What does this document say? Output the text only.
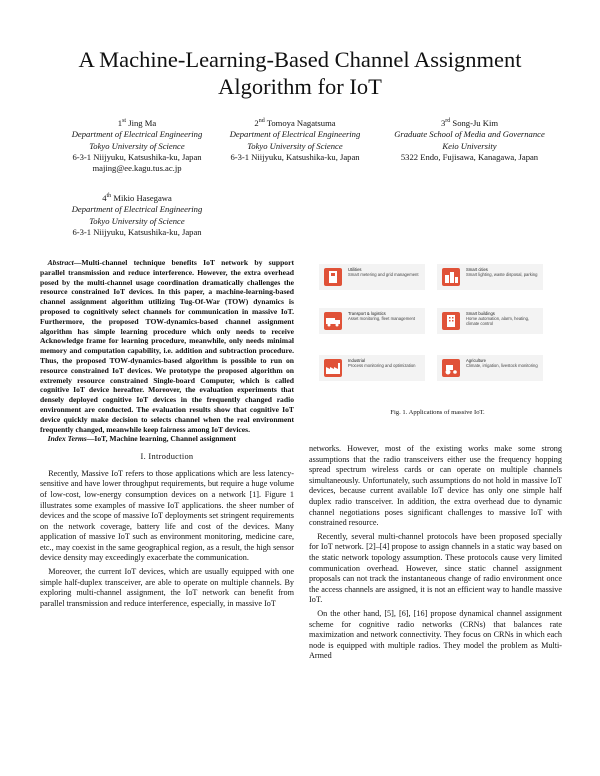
A Machine-Learning-Based Channel Assignment
Algorithm for IoT
1st Jing Ma
Department of Electrical Engineering
Tokyo University of Science
6-3-1 Niijyuku, Katsushika-ku, Japan
majing@ee.kagu.tus.ac.jp
2nd Tomoya Nagatsuma
Department of Electrical Engineering
Tokyo University of Science
6-3-1 Niijyuku, Katsushika-ku, Japan
3rd Song-Ju Kim
Graduate School of Media and Governance
Keio University
5322 Endo, Fujisawa, Kanagawa, Japan
4th Mikio Hasegawa
Department of Electrical Engineering
Tokyo University of Science
6-3-1 Niijyuku, Katsushika-ku, Japan

Abstract—Multi-channel technique benefits IoT network by support parallel transmission and reduce interference. However, the extra overhead posed by the multi-channel usage coordination dramatically challenges the resource constrained IoT devices. In this paper, a machine-learning-based channel assignment algorithm utilizing Tug-Of-War (TOW) dynamics is proposed to cognitively select channels for communication in massive IoT. Furthermore, the proposed TOW-dynamics-based channel assignment algorithm has simple learning procedure which only needs to receive Acknowledge frame for learning procedure, meanwhile, only needs minimal memory and computation capability, i.e. addition and subtraction procedure. Thus, the proposed TOW-dynamics-based algorithm is possible to run on resource constrained IoT devices. We prototype the proposed algorithm on extremely resource constrained Single-board Computer, which is called cognitive IoT device hereafter. Moreover, the evaluation experiments that densely deployed cognitive IoT devices in the frequently changed radio environment are conducted. The evaluation results show that cognitive IoT device quickly make decision to selects channel when the real environment frequently changed, meanwhile keep fairness among IoT devices.

Index Terms—IoT, Machine learning, Channel assignment

I. Introduction

Recently, Massive IoT refers to those applications which are less latency-sensitive and have lower throughput requirements, but require a huge volume of low-cost, low-energy consumption devices on a network [1]. Figure 1 illustrates some examples of massive IoT applications. the sheer number of devices and the scope of massive IoT deployments set stringent requirements on the network coverage, battery life and cost of the devices. Many application of massive IoT such as environment monitoring, medicine care, etc., may coexist in the same geographical region, as a result, the high sensor device density may exceedingly exacerbate the communication.

Moreover, the current IoT devices, which are usually equipped with one simple half-duplex transceiver, are able to operate on multiple channels. By exploring multi-channel assignment, the IoT network can benefit from parallel transmission and reduce interference, especially, in massive IoT

Utilities
Smart metering and grid management
Smart cities
Smart lighting, waste disposal, parking
Transport & logistics
Asset monitoring, fleet management
Smart buildings
Home automation, alarm, heating, climate control
Industrial
Process monitoring and optimization
Agriculture
Climate, irrigation, livestock monitoring
Fig. 1. Applications of massive IoT.

networks. However, most of the existing works make some strong assumptions that the radio transceivers either use the frequency hopping spread spectrum wireless cards or can operate on multiple channels simultaneously. Unfortunately, such assumptions do not hold in massive IoT devices, because current available IoT device has only one simple half duplex radio transceiver. In addition, the extra overhead due to dynamic channel negotiations poses significant challenges to massive IoT with constrained resource.

Recently, several multi-channel protocols have been proposed specially for IoT network. [2]–[4] propose to assign channels in a static way based on the static network topology assumption. These protocols cause very limited communication overhead. However, since static channel assignment proposals can not track the instantaneous change of radio environment once the access channels are assigned, it is not an efficient way to handle massive IoT.

On the other hand, [5], [6], [16] propose dynamical channel assignment scheme for cognitive radio networks (CRNs) that balances rate maximization and network connectivity. They focus on CRNs in which each node is equipped with multiple radios. They model the problem as Multi-Armed
